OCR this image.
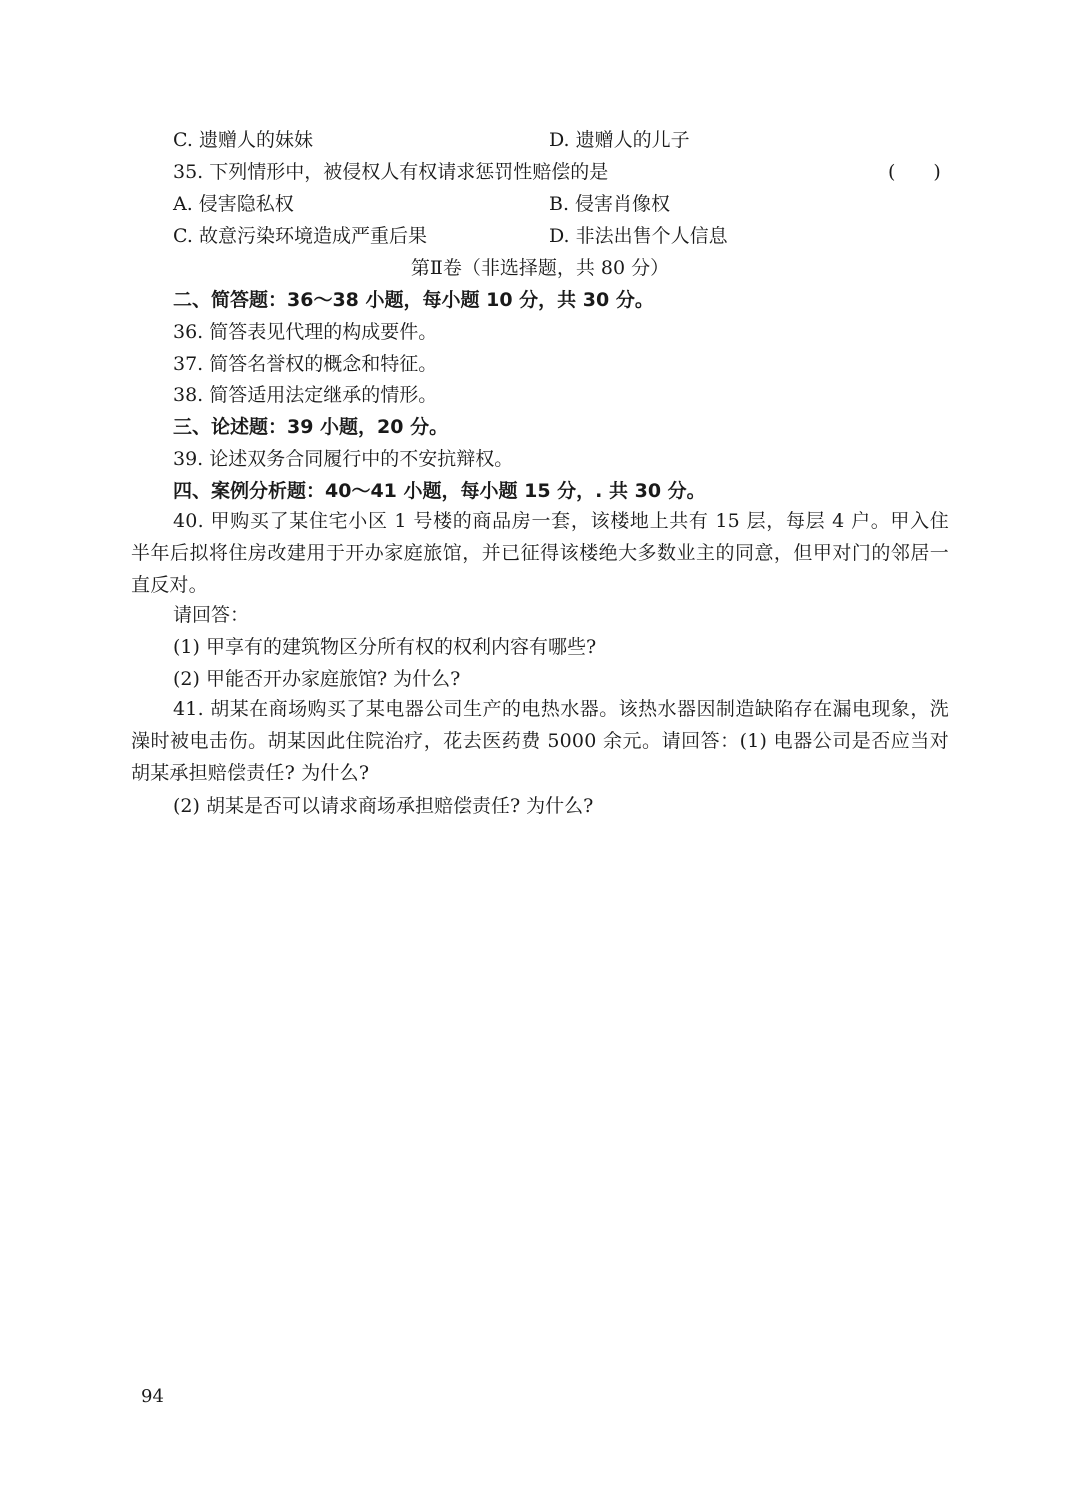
C. 遗赠人的妹妹	D. 遗赠人的儿子
35. 下列情形中，被侵权人有权请求惩罚性赔偿的是	(　　)
A. 侵害隐私权	B. 侵害肖像权
C. 故意污染环境造成严重后果	D. 非法出售个人信息
第Ⅱ卷（非选择题，共 80 分）
二、简答题：36～38 小题，每小题 10 分，共 30 分。
36. 简答表见代理的构成要件。
37. 简答名誉权的概念和特征。
38. 简答适用法定继承的情形。
三、论述题：39 小题，20 分。
39. 论述双务合同履行中的不安抗辩权。
四、案例分析题：40～41 小题，每小题 15 分，. 共 30 分。
40. 甲购买了某住宅小区 1 号楼的商品房一套，该楼地上共有 15 层，每层 4 户。甲入住半年后拟将住房改建用于开办家庭旅馆，并已征得该楼绝大多数业主的同意，但甲对门的邻居一直反对。
请回答：
(1) 甲享有的建筑物区分所有权的权利内容有哪些?
(2) 甲能否开办家庭旅馆? 为什么?
41. 胡某在商场购买了某电器公司生产的电热水器。该热水器因制造缺陷存在漏电现象，洗澡时被电击伤。胡某因此住院治疗，花去医药费 5000 余元。请回答：(1) 电器公司是否应当对胡某承担赔偿责任? 为什么?
(2) 胡某是否可以请求商场承担赔偿责任? 为什么?
94
